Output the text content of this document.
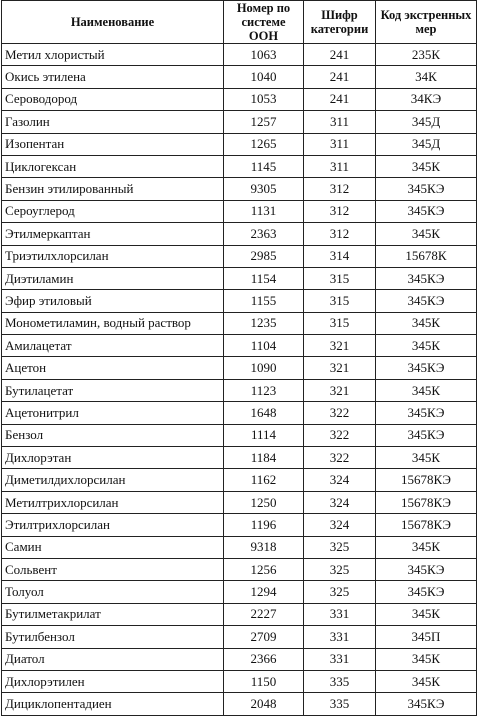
Наименование	Номер по системе ООН	Шифр категории	Код экстренных мер
Метил хлористый	1063	241	235К
Окись этилена	1040	241	34К
Сероводород	1053	241	34КЭ
Газолин	1257	311	345Д
Изопентан	1265	311	345Д
Циклогексан	1145	311	345К
Бензин этилированный	9305	312	345КЭ
Сероуглерод	1131	312	345КЭ
Этилмеркаптан	2363	312	345К
Триэтилхлорсилан	2985	314	15678К
Диэтиламин	1154	315	345КЭ
Эфир этиловый	1155	315	345КЭ
Монометиламин, водный раствор	1235	315	345К
Амилацетат	1104	321	345К
Ацетон	1090	321	345КЭ
Бутилацетат	1123	321	345К
Ацетонитрил	1648	322	345КЭ
Бензол	1114	322	345КЭ
Дихлорэтан	1184	322	345К
Диметилдихлорсилан	1162	324	15678КЭ
Метилтрихлорсилан	1250	324	15678КЭ
Этилтрихлорсилан	1196	324	15678КЭ
Самин	9318	325	345К
Сольвент	1256	325	345КЭ
Толуол	1294	325	345КЭ
Бутилметакрилат	2227	331	345К
Бутилбензол	2709	331	345П
Диатол	2366	331	345К
Дихлорэтилен	1150	335	345К
Дициклопентадиен	2048	335	345КЭ
